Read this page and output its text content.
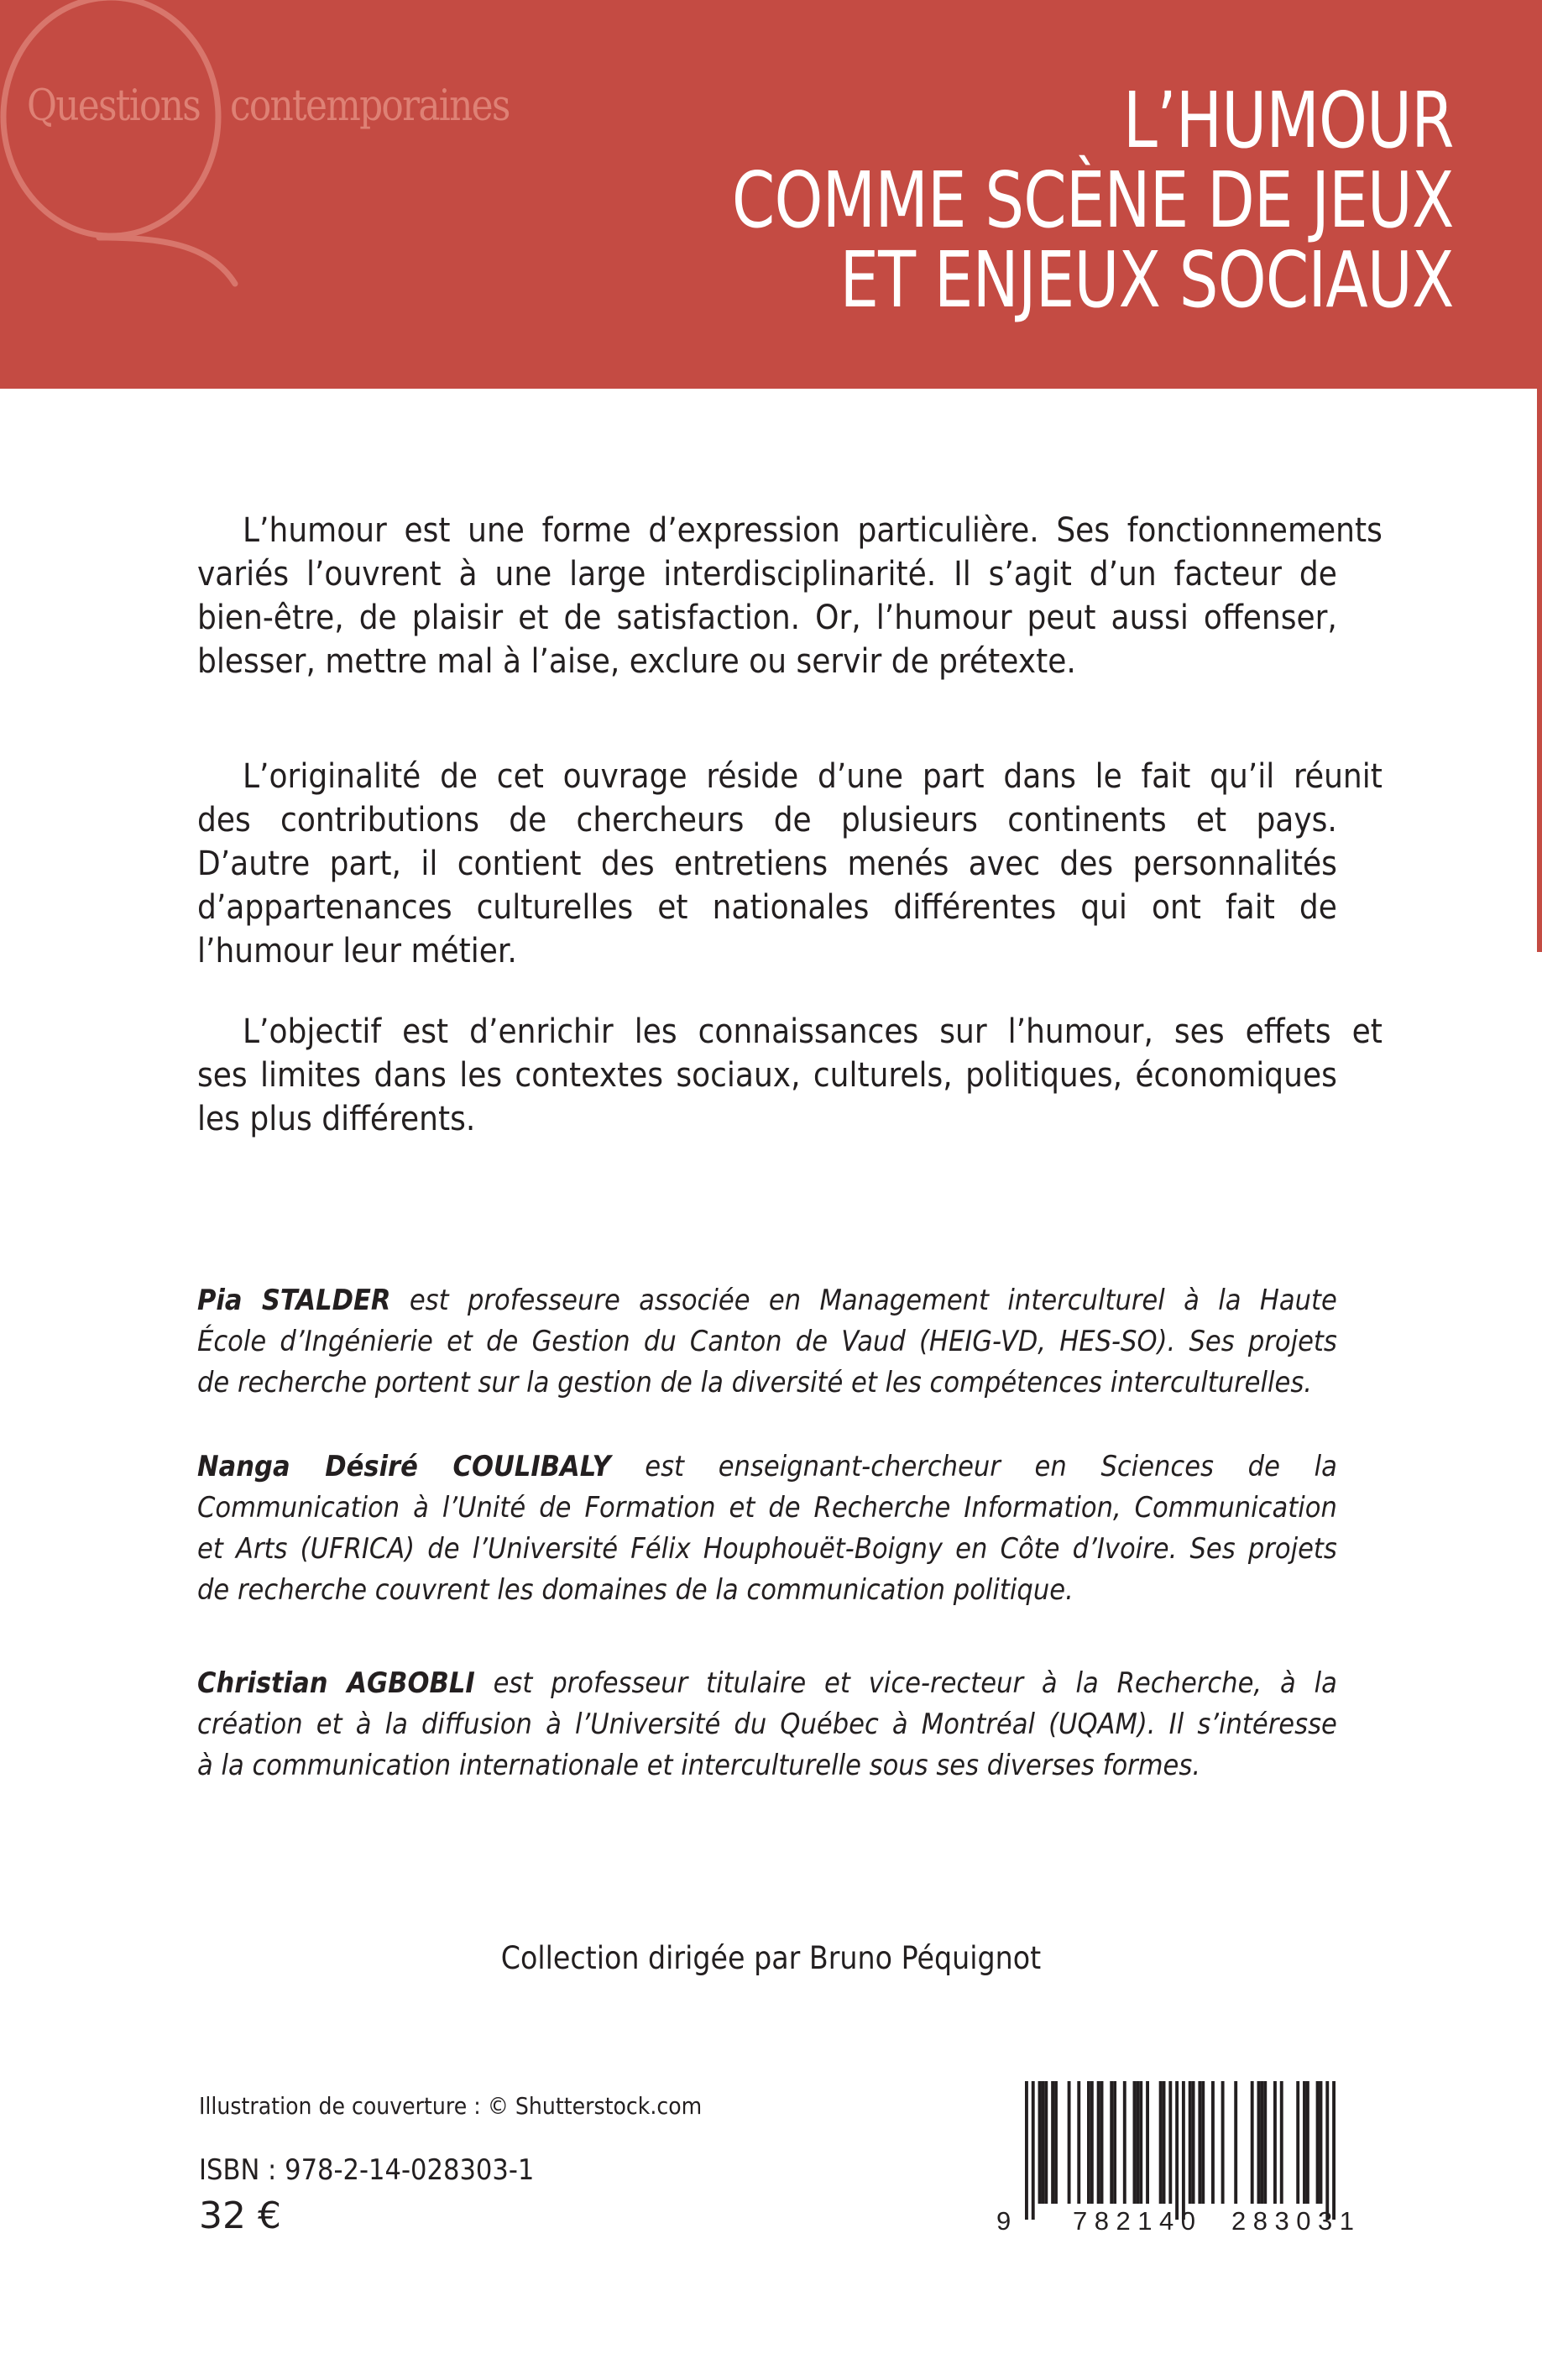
Questions contemporaines	L’HUMOUR
COMME SCÈNE DE JEUX
ET ENJEUX SOCIAUX
L’humour est une forme d’expression particulière. Ses fonctionnements
variés l’ouvrent à une large interdisciplinarité. Il s’agit d’un facteur de
bien-être, de plaisir et de satisfaction. Or, l’humour peut aussi offenser,
blesser, mettre mal à l’aise, exclure ou servir de prétexte.
L’originalité de cet ouvrage réside d’une part dans le fait qu’il réunit
des contributions de chercheurs de plusieurs continents et pays.
D’autre part, il contient des entretiens menés avec des personnalités
d’appartenances culturelles et nationales différentes qui ont fait de
l’humour leur métier.
L’objectif est d’enrichir les connaissances sur l’humour, ses effets et
ses limites dans les contextes sociaux, culturels, politiques, économiques
les plus différents.
Pia STALDER est professeure associée en Management interculturel à la Haute
École d’Ingénierie et de Gestion du Canton de Vaud (HEIG-VD, HES-SO). Ses projets
de recherche portent sur la gestion de la diversité et les compétences interculturelles.
Nanga Désiré COULIBALY est enseignant-chercheur en Sciences de la
Communication à l’Unité de Formation et de Recherche Information, Communication
et Arts (UFRICA) de l’Université Félix Houphouët-Boigny en Côte d’Ivoire. Ses projets
de recherche couvrent les domaines de la communication politique.
Christian AGBOBLI est professeur titulaire et vice-recteur à la Recherche, à la
création et à la diffusion à l’Université du Québec à Montréal (UQAM). Il s’intéresse
à la communication internationale et interculturelle sous ses diverses formes.
Collection dirigée par Bruno Péquignot
Illustration de couverture : © Shutterstock.com
ISBN : 978-2-14-028303-1
32 €	9 782140 283031
